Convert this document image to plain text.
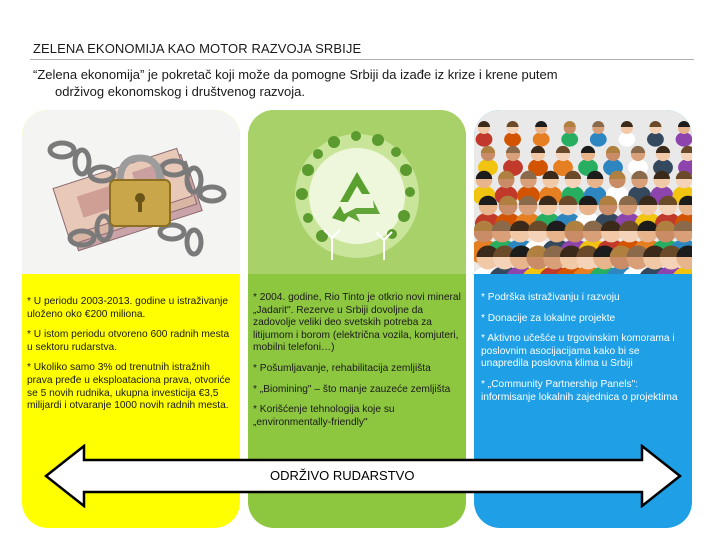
ZELENA EKONOMIJA KAO MOTOR RAZVOJA SRBIJE
“Zelena ekonomija” je pokretač koji može da pomogne Srbiji da izađe iz krize i krene putem
održivog ekonomskog i društvenog razvoja.

* U periodu 2003-2013. godine u istraživanje uloženo oko €200 miliona.

* U istom periodu otvoreno 600 radnih mesta u sektoru rudarstva.

* Ukoliko samo 3% od trenutnih istražnih prava pređe u eksploataciona prava, otvoriće se 5 novih rudnika, ukupna investicija €3,5 milijardi i otvaranje 1000 novih radnih mesta.

* 2004. godine, Rio Tinto je otkrio novi mineral „Jadarit". Rezerve u Srbiji dovoljne da zadovolje veliki deo svetskih potreba za litijumom i borom (električna vozila, komjuteri, mobilni telefoni…)

* Pošumljavanje, rehabilitacija zemljišta

* „Biomining" – što manje zauzeće zemljišta

* Korišćenje tehnologija koje su „environmentally-friendly"

* Podrška istraživanju i razvoju

* Donacije za lokalne projekte

* Aktivno učešće u trgovinskim komorama i poslovnim asocijacijama kako bi se unapredila poslovna klima u Srbiji

* „Community Partnership Panels": informisanje lokalnih zajednica o projektima

ODRŽIVO RUDARSTVO
